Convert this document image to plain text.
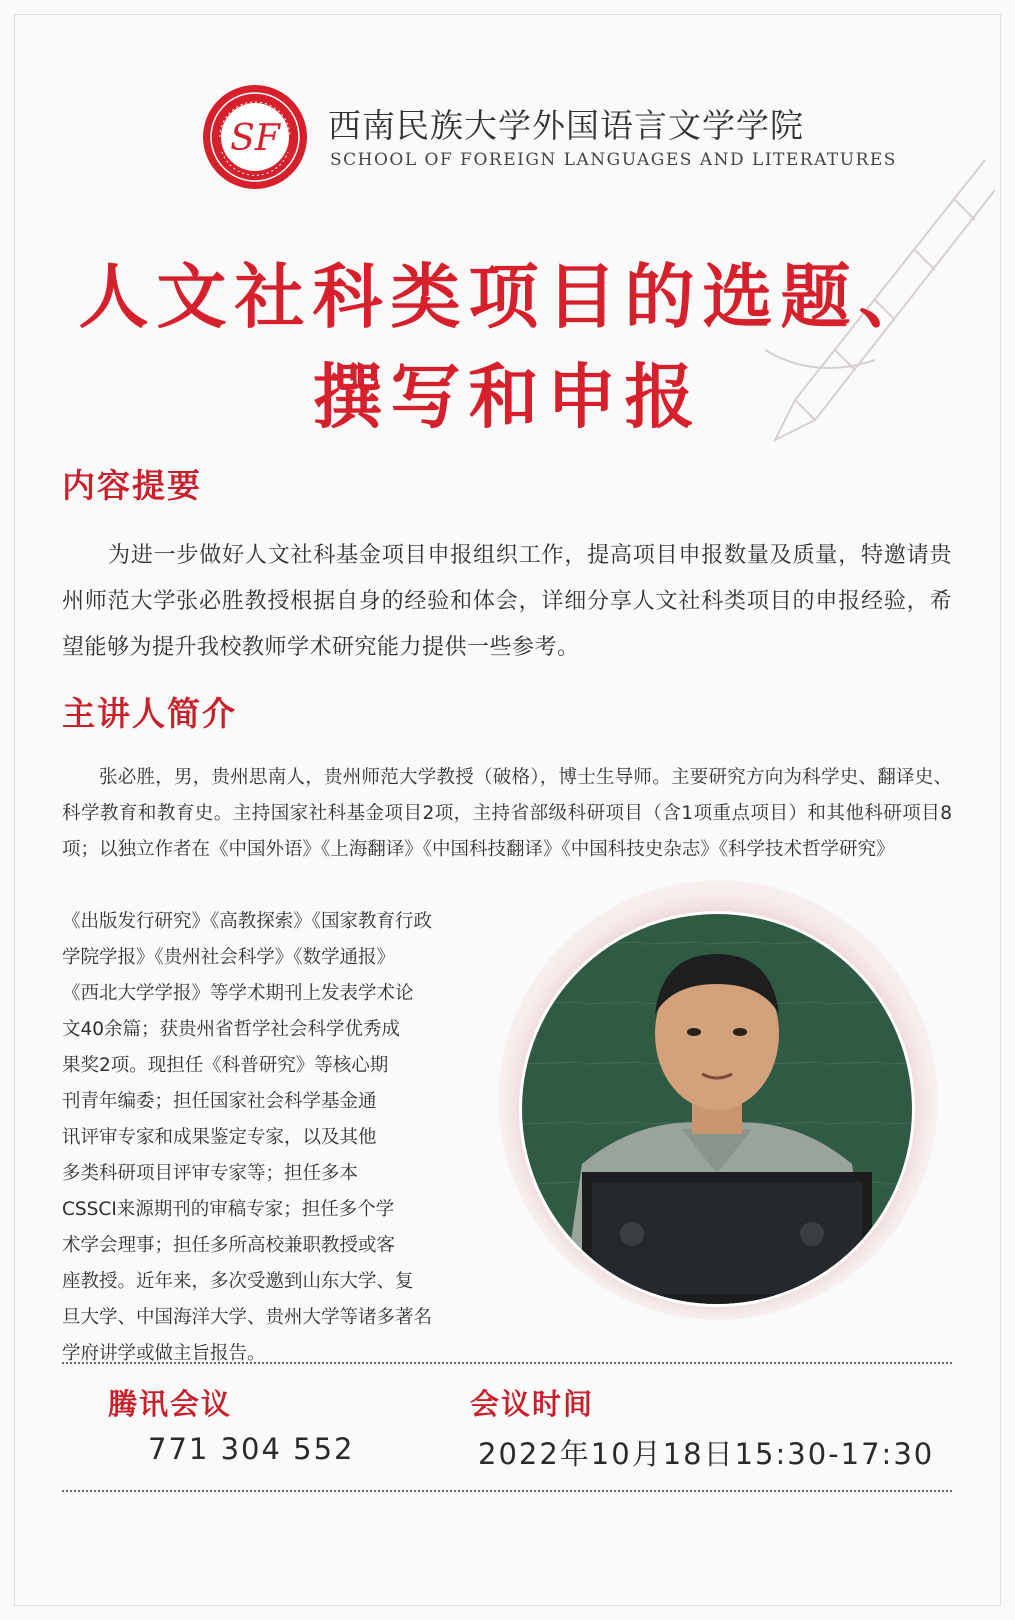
SF 西南民族大学外国语言文学学院
SCHOOL OF FOREIGN LANGUAGES AND LITERATURES
人文社科类项目的选题、
撰写和申报
内容提要
为进一步做好人文社科基金项目申报组织工作，提高项目申报数量及质量，特邀请贵州师范大学张必胜教授根据自身的经验和体会，详细分享人文社科类项目的申报经验，希望能够为提升我校教师学术研究能力提供一些参考。
主讲人简介
张必胜，男，贵州思南人，贵州师范大学教授（破格），博士生导师。主要研究方向为科学史、翻译史、科学教育和教育史。主持国家社科基金项目2项，主持省部级科研项目（含1项重点项目）和其他科研项目8项；以独立作者在《中国外语》《上海翻译》《中国科技翻译》《中国科技史杂志》《科学技术哲学研究》
《出版发行研究》《高教探索》《国家教育行政
学院学报》《贵州社会科学》《数学通报》
《西北大学学报》等学术期刊上发表学术论
文40余篇；获贵州省哲学社会科学优秀成
果奖2项。现担任《科普研究》等核心期
刊青年编委；担任国家社会科学基金通
讯评审专家和成果鉴定专家，以及其他
多类科研项目评审专家等；担任多本
CSSCI来源期刊的审稿专家；担任多个学
术学会理事；担任多所高校兼职教授或客
座教授。近年来，多次受邀到山东大学、复
旦大学、中国海洋大学、贵州大学等诸多著名
学府讲学或做主旨报告。
腾讯会议
771 304 552
会议时间
2022年10月18日15:30-17:30
